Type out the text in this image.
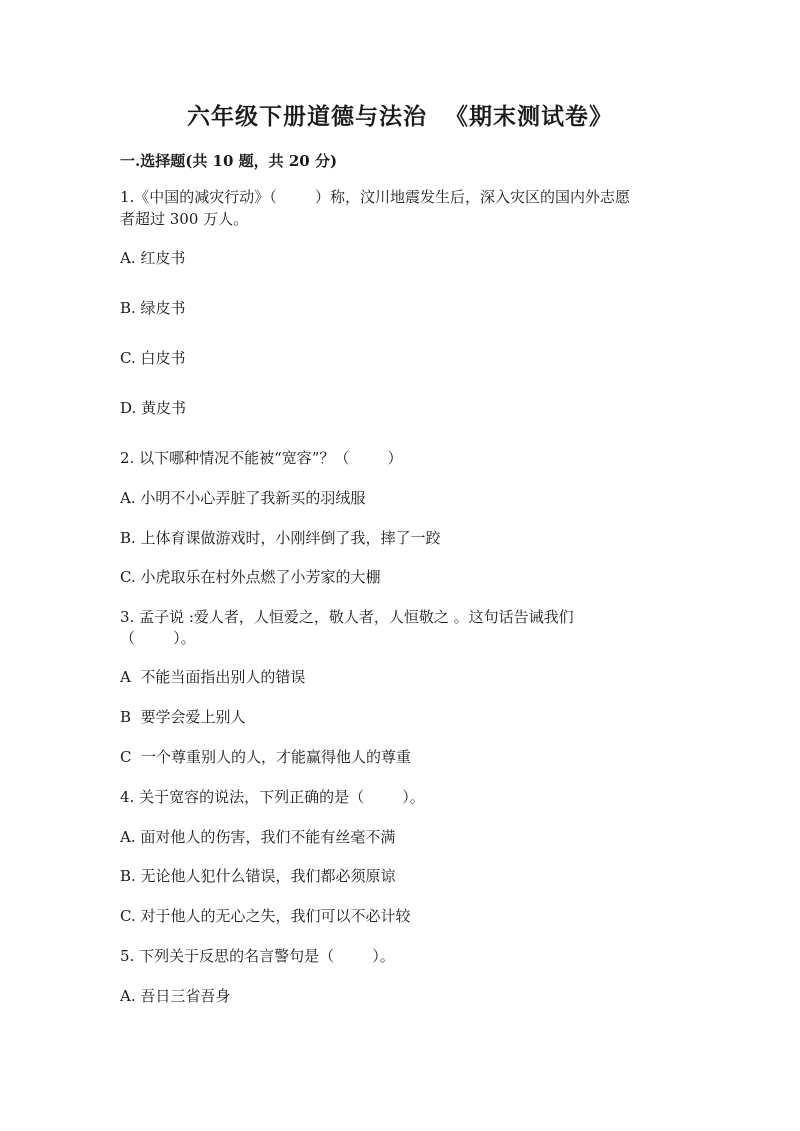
六年级下册道德与法治  《期末测试卷》
一.选择题(共 10 题，共 20 分)
1.《中国的减灾行动》（        ）称，汶川地震发生后，深入灾区的国内外志愿
者超过 300 万人。
A. 红皮书
B. 绿皮书
C. 白皮书
D. 黄皮书
2. 以下哪种情况不能被“宽容”？（        ）
A. 小明不小心弄脏了我新买的羽绒服
B. 上体育课做游戏时，小刚绊倒了我，摔了一跤
C. 小虎取乐在村外点燃了小芳家的大棚
3. 孟子说 :爱人者，人恒爱之，敬人者，人恒敬之 。这句话告诫我们
（        ）。
A  不能当面指出别人的错误
B  要学会爱上别人
C  一个尊重别人的人，才能赢得他人的尊重
4. 关于宽容的说法，下列正确的是（        ）。
A. 面对他人的伤害，我们不能有丝毫不满
B. 无论他人犯什么错误，我们都必须原谅
C. 对于他人的无心之失，我们可以不必计较
5. 下列关于反思的名言警句是（        ）。
A. 吾日三省吾身
